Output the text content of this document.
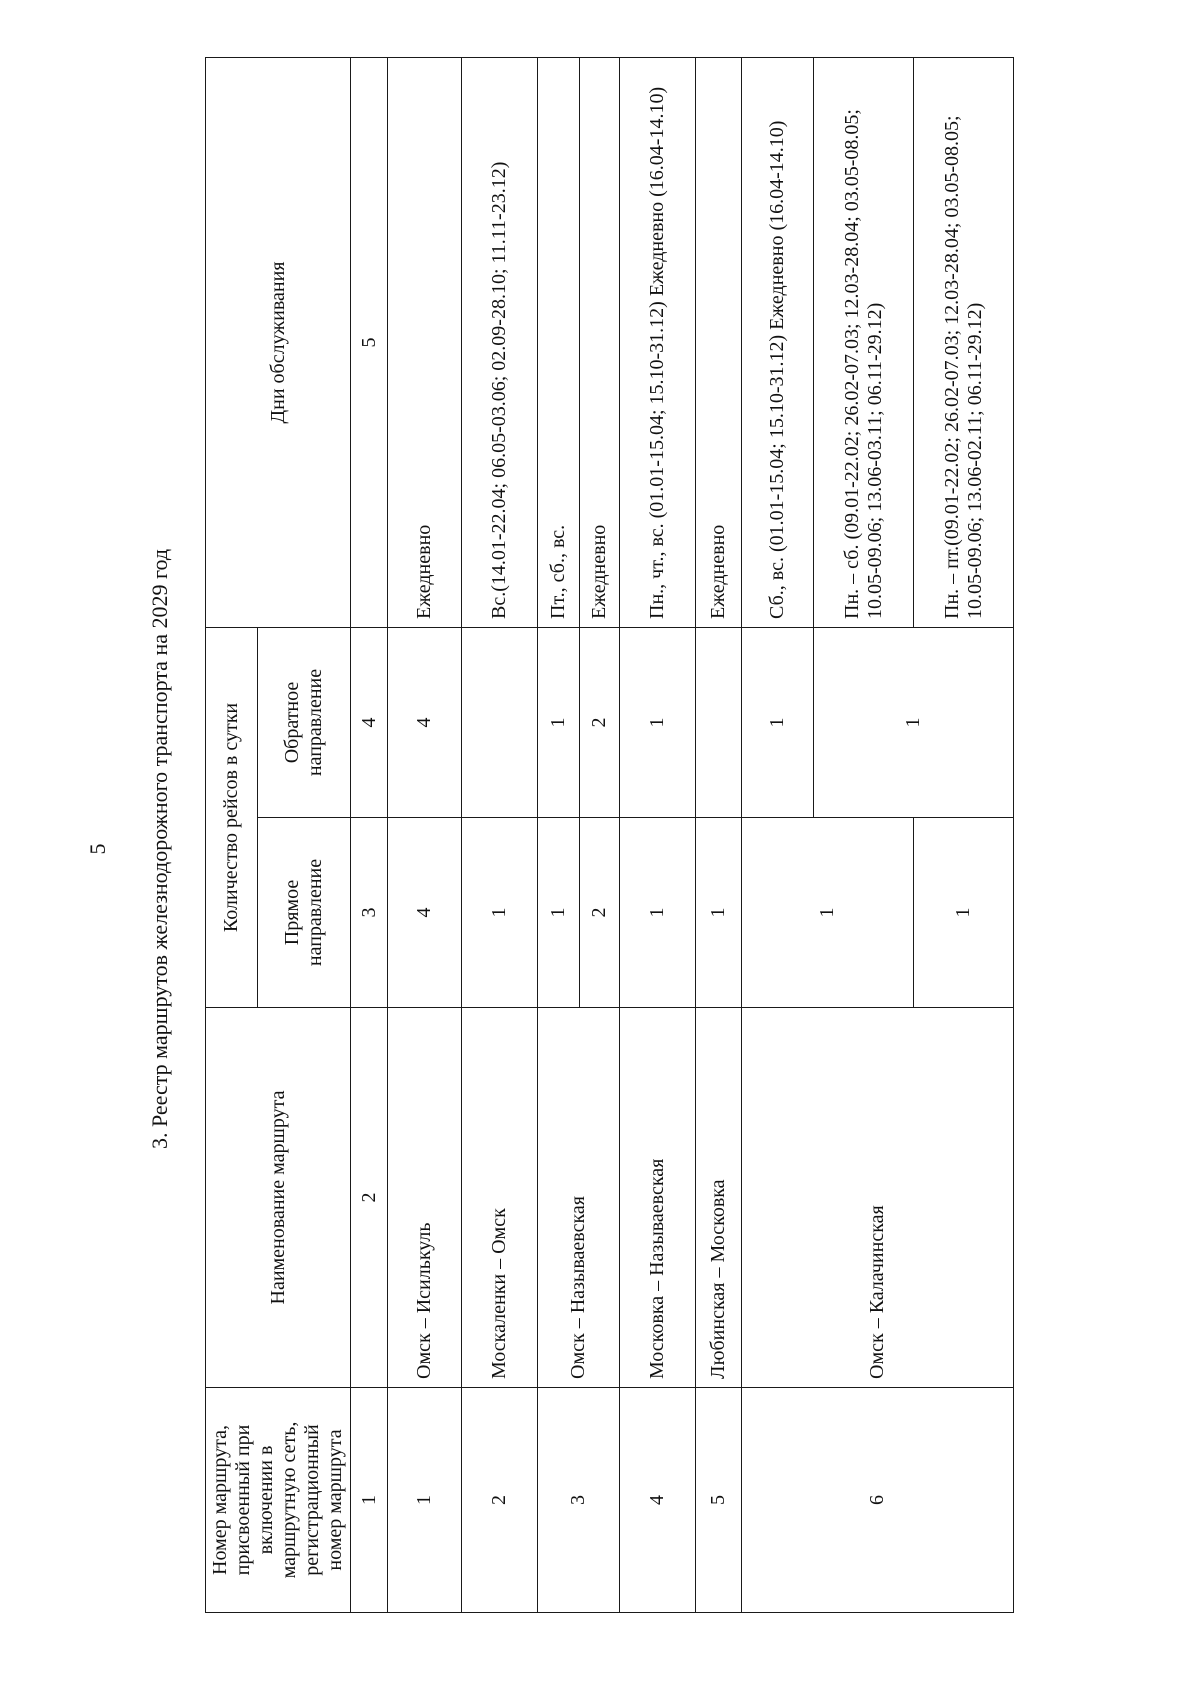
5 3. Реестр маршрутов железнодорожного транспорта на 2029 год
Номер маршрута, присвоенный при включении в маршрутную сеть, регистрационный номер маршрута	Наименование маршрута	Количество рейсов в сутки		Дни обслуживания
		Прямое направление	Обратное направление	
1	2	3	4	5
1	Омск – Исилькуль	4	4	Ежедневно
2	Москаленки – Омск	1		Вс.(14.01-22.04; 06.05-03.06; 02.09-28.10; 11.11-23.12)
3	Омск – Называевская	1	1	Пт., сб., вс.
		2	2	Ежедневно
4	Московка – Называевская	1	1	Пн., чт., вс. (01.01-15.04; 15.10-31.12) Ежедневно (16.04-14.10)
5	Любинская – Московка	1		Ежедневно
6	Омск – Калачинская	1	1	Сб., вс. (01.01-15.04; 15.10-31.12) Ежедневно (16.04-14.10)
			1	Пн. – сб. (09.01-22.02; 26.02-07.03; 12.03-28.04; 03.05-08.05; 10.05-09.06; 13.06-03.11; 06.11-29.12)
		1		Пн. – пт.(09.01-22.02; 26.02-07.03; 12.03-28.04; 03.05-08.05; 10.05-09.06; 13.06-02.11; 06.11-29.12)
